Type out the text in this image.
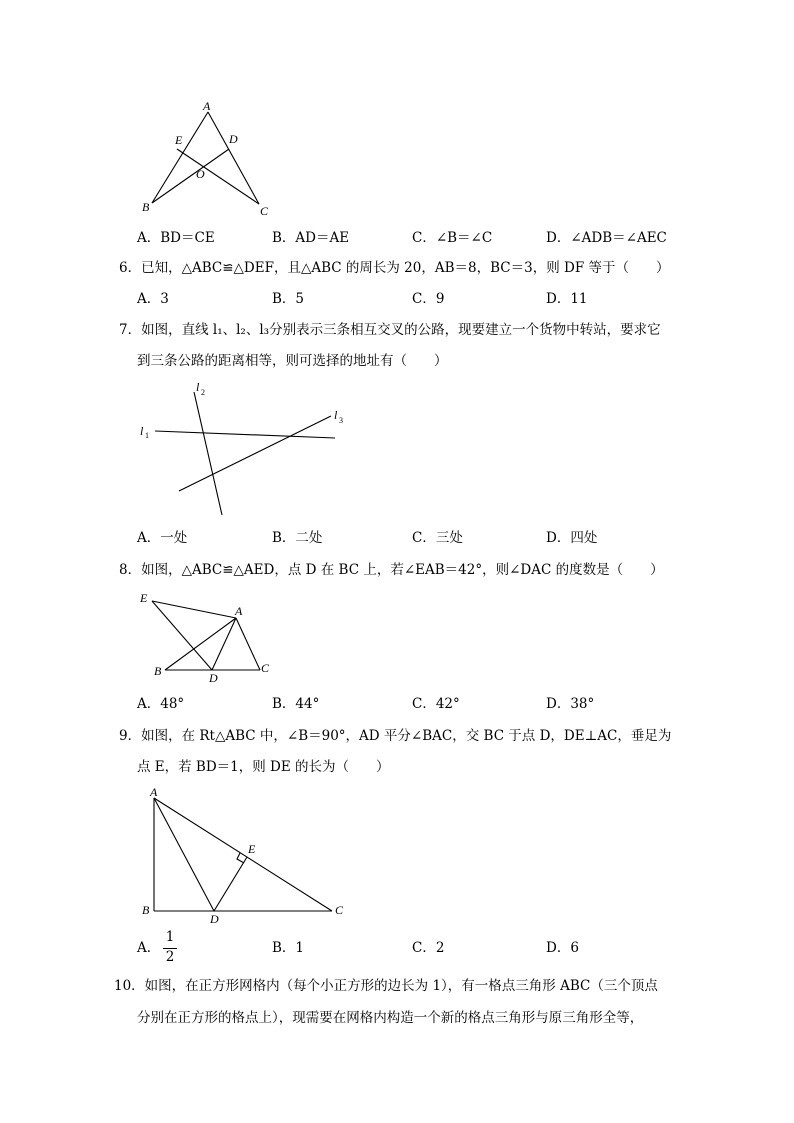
A
E	D
O
B	C
A．BD＝CE	B．AD＝AE	C．∠B＝∠C	D．∠ADB＝∠AEC
6．已知，△ABC≌△DEF，且△ABC 的周长为 20，AB＝8，BC＝3，则 DF 等于（　　）
A．3	B．5	C．9	D．11
7．如图，直线 l₁、l₂、l₃分别表示三条相互交叉的公路，现要建立一个货物中转站，要求它
到三条公路的距离相等，则可选择的地址有（　　）
l 1
l 2
l 3
A．一处	B．二处	C．三处	D．四处
8．如图，△ABC≌△AED，点 D 在 BC 上，若∠EAB＝42°，则∠DAC 的度数是（　　）
E
A
B	D
C
A．48°	B．44°	C．42°	D．38°
9．如图，在 Rt△ABC 中，∠B＝90°，AD 平分∠BAC，交 BC 于点 D，DE⊥AC，垂足为
点 E，若 BD＝1，则 DE 的长为（　　）
A
E
B
D
C
A．
1
2
B．1	C．2	D．6
10．如图，在正方形网格内（每个小正方形的边长为 1），有一格点三角形 ABC（三个顶点
分别在正方形的格点上），现需要在网格内构造一个新的格点三角形与原三角形全等，
